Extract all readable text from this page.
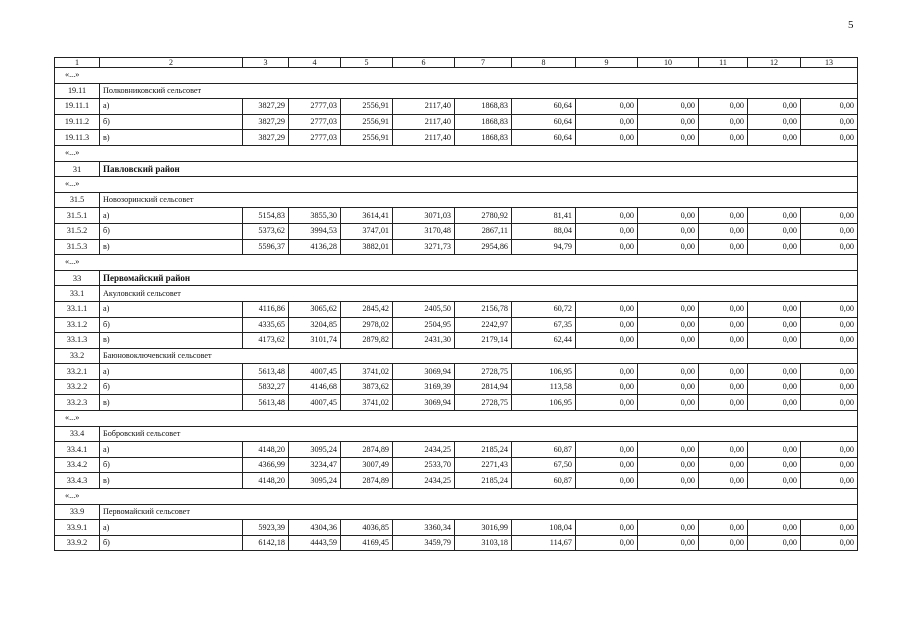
5
1	2	3	4	5	6	7	8	9	10	11	12	13
«...»												
19.11	Полковниковский сельсовет											
19.11.1	а)	3827,29	2777,03	2556,91	2117,40	1868,83	60,64	0,00	0,00	0,00	0,00	0,00
19.11.2	б)	3827,29	2777,03	2556,91	2117,40	1868,83	60,64	0,00	0,00	0,00	0,00	0,00
19.11.3	в)	3827,29	2777,03	2556,91	2117,40	1868,83	60,64	0,00	0,00	0,00	0,00	0,00
«...»												
31	Павловский район											
«...»												
31.5	Новозоринский сельсовет											
31.5.1	а)	5154,83	3855,30	3614,41	3071,03	2780,92	81,41	0,00	0,00	0,00	0,00	0,00
31.5.2	б)	5373,62	3994,53	3747,01	3170,48	2867,11	88,04	0,00	0,00	0,00	0,00	0,00
31.5.3	в)	5596,37	4136,28	3882,01	3271,73	2954,86	94,79	0,00	0,00	0,00	0,00	0,00
«...»												
33	Первомайский район											
33.1	Акуловский сельсовет											
33.1.1	а)	4116,86	3065,62	2845,42	2405,50	2156,78	60,72	0,00	0,00	0,00	0,00	0,00
33.1.2	б)	4335,65	3204,85	2978,02	2504,95	2242,97	67,35	0,00	0,00	0,00	0,00	0,00
33.1.3	в)	4173,62	3101,74	2879,82	2431,30	2179,14	62,44	0,00	0,00	0,00	0,00	0,00
33.2	Баюновоключевский сельсовет											
33.2.1	а)	5613,48	4007,45	3741,02	3069,94	2728,75	106,95	0,00	0,00	0,00	0,00	0,00
33.2.2	б)	5832,27	4146,68	3873,62	3169,39	2814,94	113,58	0,00	0,00	0,00	0,00	0,00
33.2.3	в)	5613,48	4007,45	3741,02	3069,94	2728,75	106,95	0,00	0,00	0,00	0,00	0,00
«...»												
33.4	Бобровский сельсовет											
33.4.1	а)	4148,20	3095,24	2874,89	2434,25	2185,24	60,87	0,00	0,00	0,00	0,00	0,00
33.4.2	б)	4366,99	3234,47	3007,49	2533,70	2271,43	67,50	0,00	0,00	0,00	0,00	0,00
33.4.3	в)	4148,20	3095,24	2874,89	2434,25	2185,24	60,87	0,00	0,00	0,00	0,00	0,00
«...»												
33.9	Первомайский сельсовет											
33.9.1	а)	5923,39	4304,36	4036,85	3360,34	3016,99	108,04	0,00	0,00	0,00	0,00	0,00
33.9.2	б)	6142,18	4443,59	4169,45	3459,79	3103,18	114,67	0,00	0,00	0,00	0,00	0,00
